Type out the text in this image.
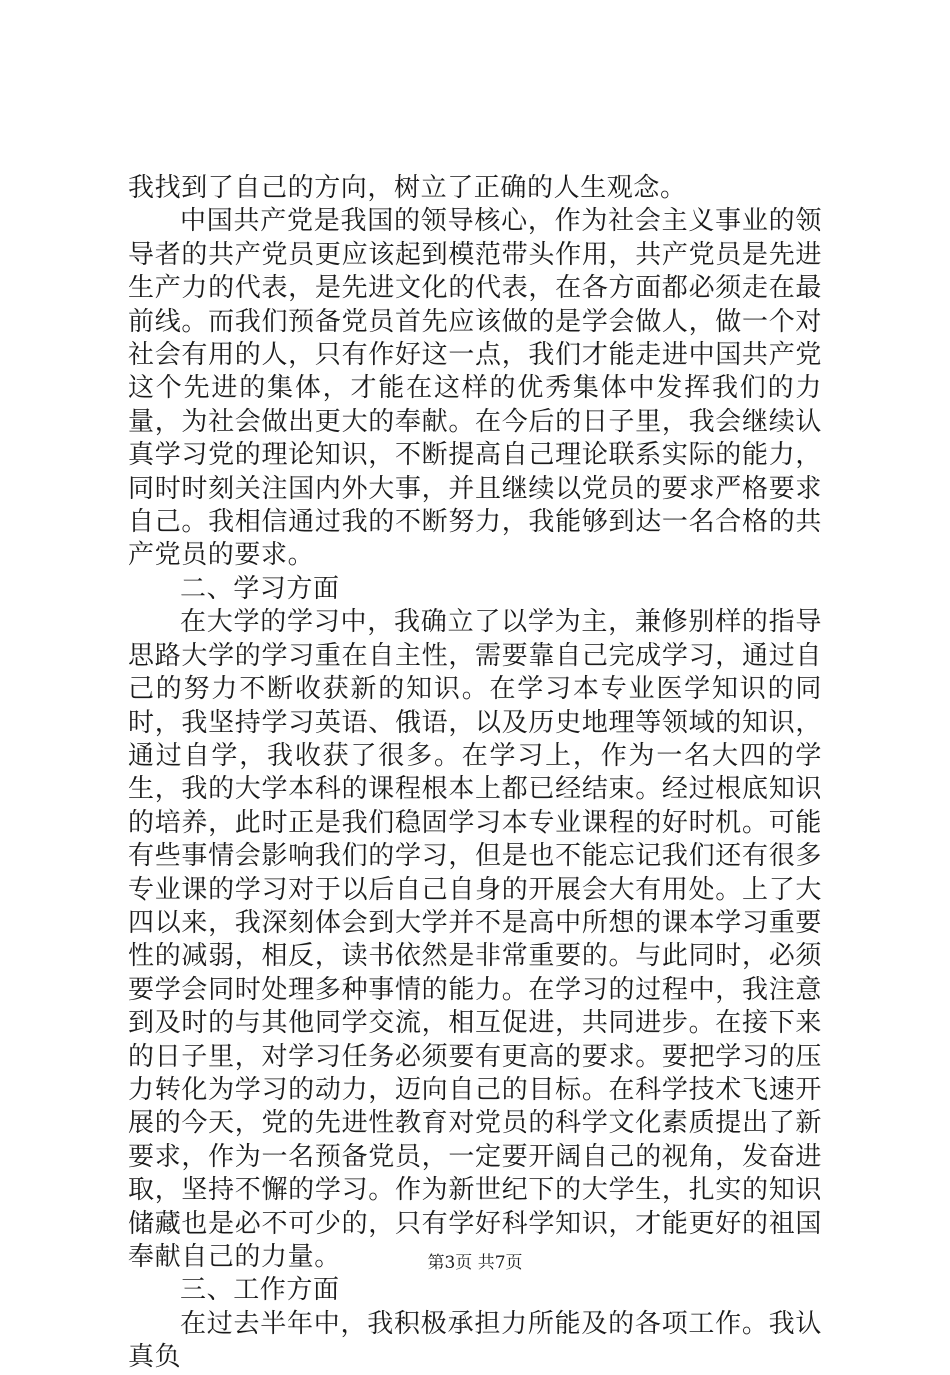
我找到了自己的方向，树立了正确的人生观念。

中国共产党是我国的领导核心，作为社会主义事业的领导者的共产党员更应该起到模范带头作用，共产党员是先进生产力的代表，是先进文化的代表，在各方面都必须走在最前线。而我们预备党员首先应该做的是学会做人，做一个对社会有用的人，只有作好这一点，我们才能走进中国共产党这个先进的集体，才能在这样的优秀集体中发挥我们的力量，为社会做出更大的奉献。在今后的日子里，我会继续认真学习党的理论知识，不断提高自己理论联系实际的能力，同时时刻关注国内外大事，并且继续以党员的要求严格要求自己。我相信通过我的不断努力，我能够到达一名合格的共产党员的要求。

二、学习方面

在大学的学习中，我确立了以学为主，兼修别样的指导思路大学的学习重在自主性，需要靠自己完成学习，通过自己的努力不断收获新的知识。在学习本专业医学知识的同时，我坚持学习英语、俄语，以及历史地理等领域的知识，通过自学，我收获了很多。在学习上，作为一名大四的学生，我的大学本科的课程根本上都已经结束。经过根底知识的培养，此时正是我们稳固学习本专业课程的好时机。可能有些事情会影响我们的学习，但是也不能忘记我们还有很多专业课的学习对于以后自己自身的开展会大有用处。上了大四以来，我深刻体会到大学并不是高中所想的课本学习重要性的减弱，相反，读书依然是非常重要的。与此同时，必须要学会同时处理多种事情的能力。在学习的过程中，我注意到及时的与其他同学交流，相互促进，共同进步。在接下来的日子里，对学习任务必须要有更高的要求。要把学习的压力转化为学习的动力，迈向自己的目标。在科学技术飞速开展的今天，党的先进性教育对党员的科学文化素质提出了新要求，作为一名预备党员，一定要开阔自己的视角，发奋进取，坚持不懈的学习。作为新世纪下的大学生，扎实的知识储藏也是必不可少的，只有学好科学知识，才能更好的祖国奉献自己的力量。

三、工作方面

在过去半年中，我积极承担力所能及的各项工作。我认真负

第3页 共7页
